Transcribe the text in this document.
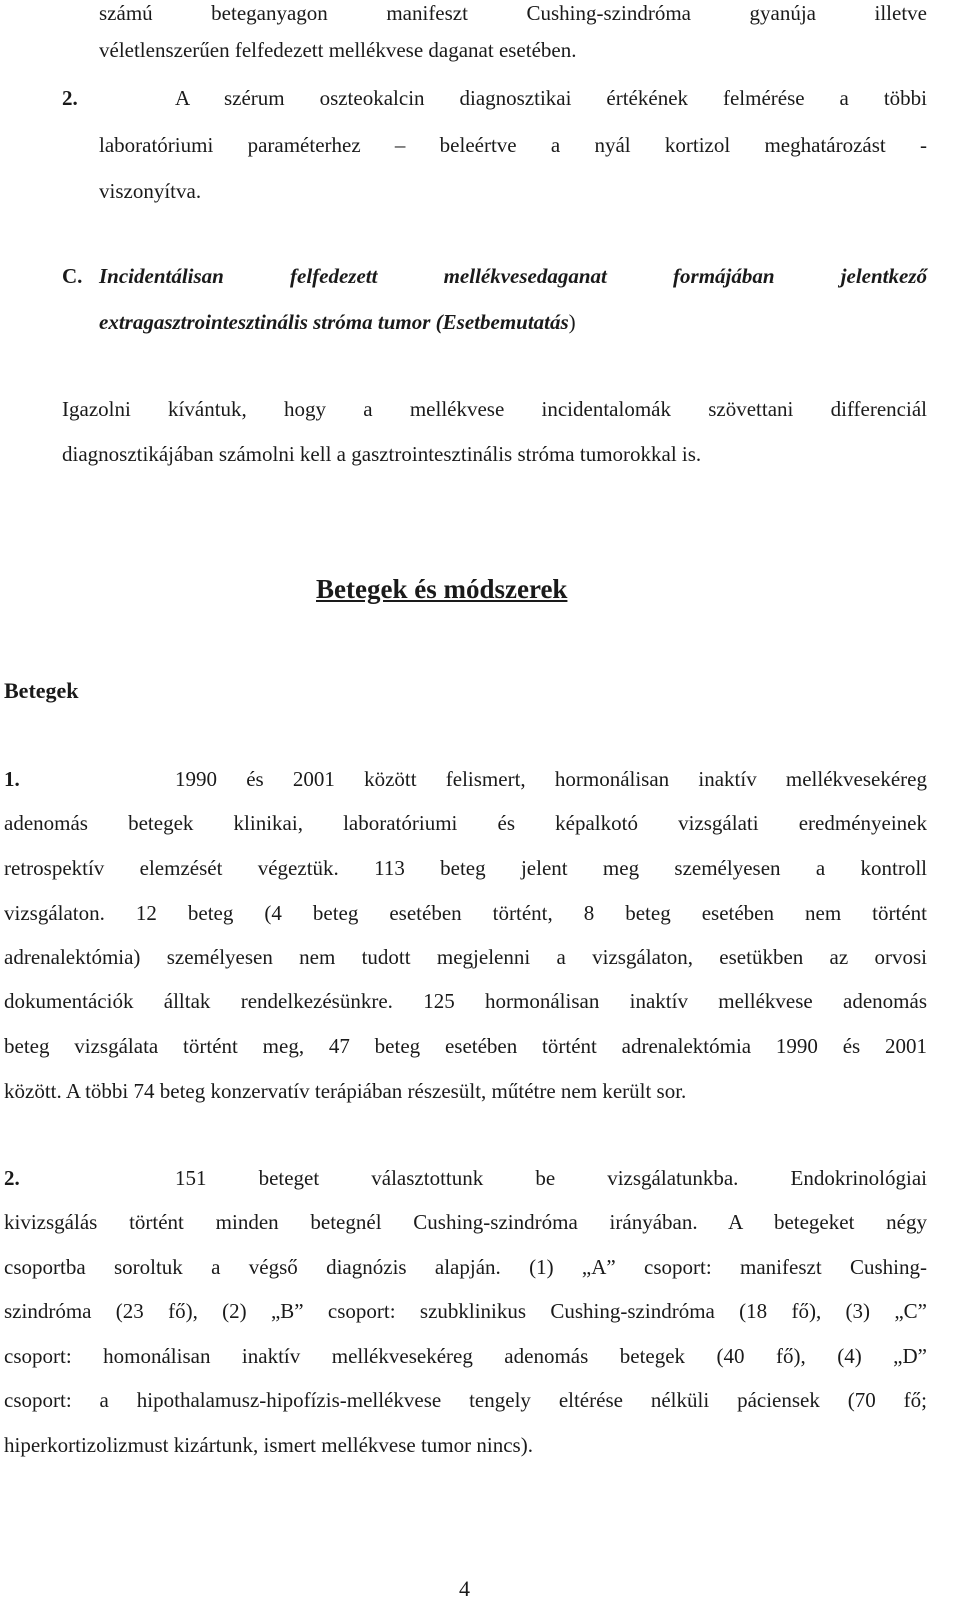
számú beteganyagon manifeszt Cushing-szindróma gyanúja illetve
véletlenszerűen felfedezett mellékvese daganat esetében.
2.	A szérum oszteokalcin diagnosztikai értékének felmérése a többi
laboratóriumi paraméterhez – beleértve a nyál kortizol meghatározást -
viszonyítva.
C. Incidentálisan felfedezett mellékvesedaganat formájában jelentkező
extragasztrointesztinális stróma tumor (Esetbemutatás)
Igazolni kívántuk, hogy a mellékvese incidentalomák szövettani differenciál
diagnosztikájában számolni kell a gasztrointesztinális stróma tumorokkal is.
Betegek és módszerek
Betegek
1.	1990 és 2001 között felismert, hormonálisan inaktív mellékvesekéreg
adenomás betegek klinikai, laboratóriumi és képalkotó vizsgálati eredményeinek
retrospektív elemzését végeztük. 113 beteg jelent meg személyesen a kontroll
vizsgálaton. 12 beteg (4 beteg esetében történt, 8 beteg esetében nem történt
adrenalektómia) személyesen nem tudott megjelenni a vizsgálaton, esetükben az orvosi
dokumentációk álltak rendelkezésünkre. 125 hormonálisan inaktív mellékvese adenomás
beteg vizsgálata történt meg, 47 beteg esetében történt adrenalektómia 1990 és 2001
között. A többi 74 beteg konzervatív terápiában részesült, műtétre nem került sor.
2.	151 beteget választottunk be vizsgálatunkba. Endokrinológiai
kivizsgálás történt minden betegnél Cushing-szindróma irányában. A betegeket négy
csoportba soroltuk a végső diagnózis alapján. (1) „A” csoport: manifeszt Cushing-
szindróma (23 fő), (2) „B” csoport: szubklinikus Cushing-szindróma (18 fő), (3) „C”
csoport: homonálisan inaktív mellékvesekéreg adenomás betegek (40 fő), (4) „D”
csoport: a hipothalamusz-hipofízis-mellékvese tengely eltérése nélküli páciensek (70 fő;
hiperkortizolizmust kizártunk, ismert mellékvese tumor nincs).
4
